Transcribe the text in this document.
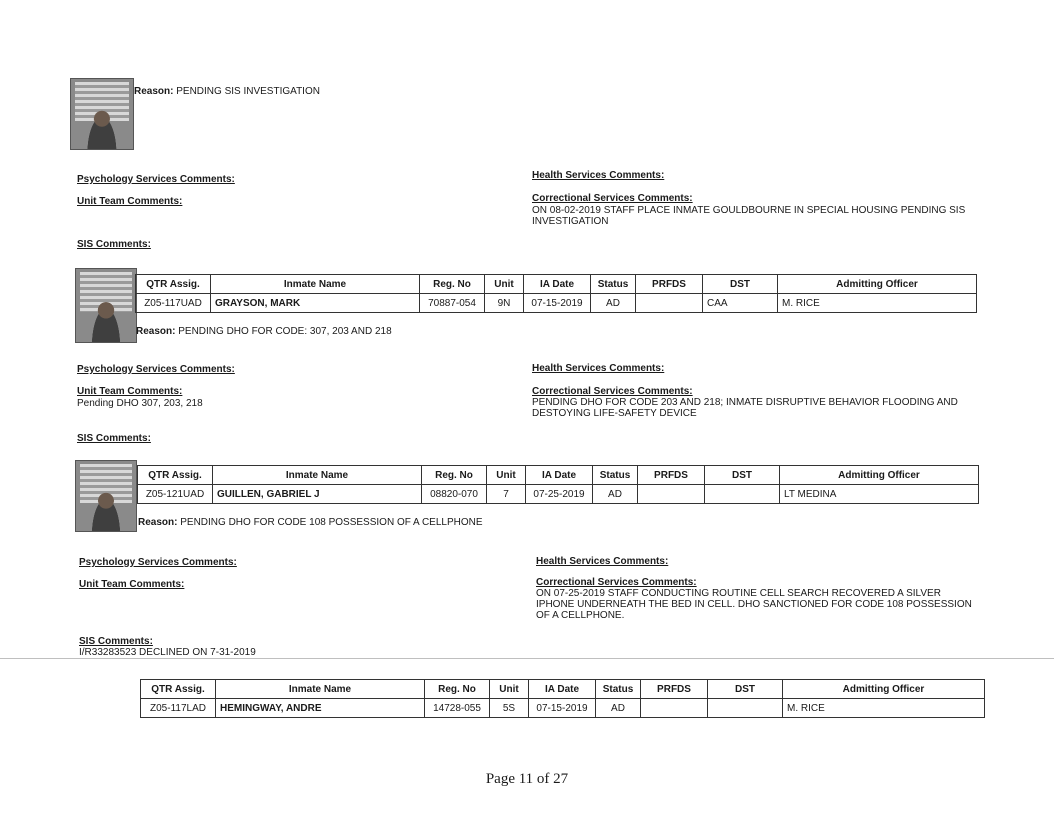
Reason: PENDING SIS INVESTIGATION
Psychology Services Comments:
Unit Team Comments:
SIS Comments:
Health Services Comments:
Correctional Services Comments:
ON 08-02-2019 STAFF PLACE INMATE GOULDBOURNE IN SPECIAL HOUSING PENDING SIS INVESTIGATION
QTR Assig.	Inmate Name	Reg. No	Unit	IA Date	Status	PRFDS	DST	Admitting Officer
Z05-117UAD	GRAYSON, MARK	70887-054	9N	07-15-2019	AD		CAA	M. RICE
Reason: PENDING DHO FOR CODE: 307, 203 AND 218
Psychology Services Comments:
Unit Team Comments:
Pending DHO 307, 203, 218
SIS Comments:
Health Services Comments:
Correctional Services Comments:
PENDING DHO FOR CODE 203 AND 218; INMATE DISRUPTIVE BEHAVIOR FLOODING AND DESTOYING LIFE-SAFETY DEVICE
QTR Assig.	Inmate Name	Reg. No	Unit	IA Date	Status	PRFDS	DST	Admitting Officer
Z05-121UAD	GUILLEN, GABRIEL J	08820-070	7	07-25-2019	AD			LT MEDINA
Reason: PENDING DHO FOR CODE 108 POSSESSION OF A CELLPHONE
Psychology Services Comments:
Unit Team Comments:
SIS Comments:
I/R33283523 DECLINED ON 7-31-2019
Health Services Comments:
Correctional Services Comments:
ON 07-25-2019 STAFF CONDUCTING ROUTINE CELL SEARCH RECOVERED A SILVER IPHONE UNDERNEATH THE BED IN CELL. DHO SANCTIONED FOR CODE 108 POSSESSION OF A CELLPHONE.
QTR Assig.	Inmate Name	Reg. No	Unit	IA Date	Status	PRFDS	DST	Admitting Officer
Z05-117LAD	HEMINGWAY, ANDRE	14728-055	5S	07-15-2019	AD			M. RICE
Page 11 of 27
